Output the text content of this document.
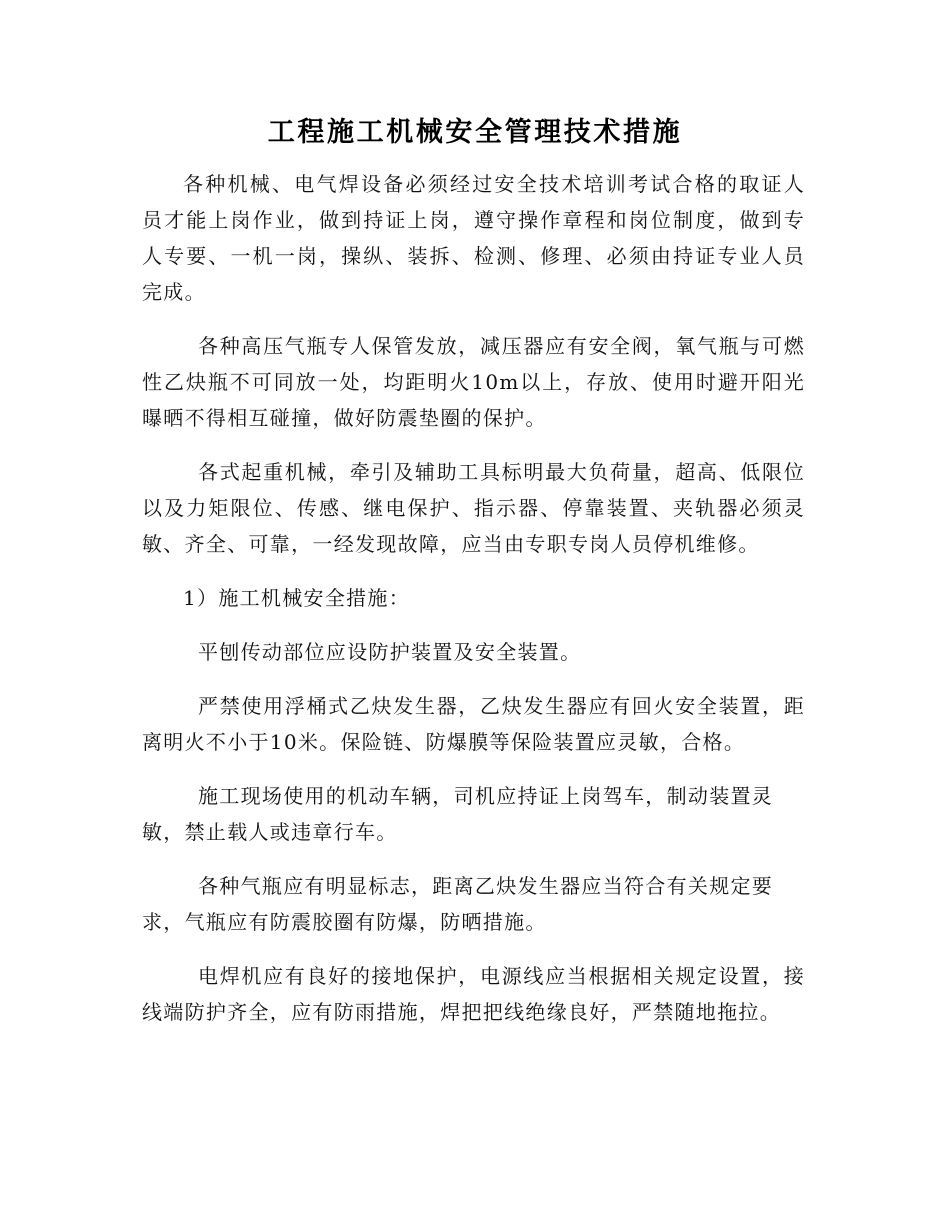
工程施工机械安全管理技术措施
各种机械、电气焊设备必须经过安全技术培训考试合格的取证人
员才能上岗作业，做到持证上岗，遵守操作章程和岗位制度，做到专
人专要、一机一岗，操纵、装拆、检测、修理、必须由持证专业人员
完成。
各种高压气瓶专人保管发放，减压器应有安全阀，氧气瓶与可燃
性乙炔瓶不可同放一处，均距明火10m以上，存放、使用时避开阳光
曝晒不得相互碰撞，做好防震垫圈的保护。
各式起重机械，牵引及辅助工具标明最大负荷量，超高、低限位
以及力矩限位、传感、继电保护、指示器、停靠装置、夹轨器必须灵
敏、齐全、可靠，一经发现故障，应当由专职专岗人员停机维修。
1）施工机械安全措施：
平刨传动部位应设防护装置及安全装置。
严禁使用浮桶式乙炔发生器，乙炔发生器应有回火安全装置，距
离明火不小于10米。保险链、防爆膜等保险装置应灵敏，合格。
施工现场使用的机动车辆，司机应持证上岗驾车，制动装置灵
敏，禁止载人或违章行车。
各种气瓶应有明显标志，距离乙炔发生器应当符合有关规定要
求，气瓶应有防震胶圈有防爆，防晒措施。
电焊机应有良好的接地保护，电源线应当根据相关规定设置，接
线端防护齐全，应有防雨措施，焊把把线绝缘良好，严禁随地拖拉。
